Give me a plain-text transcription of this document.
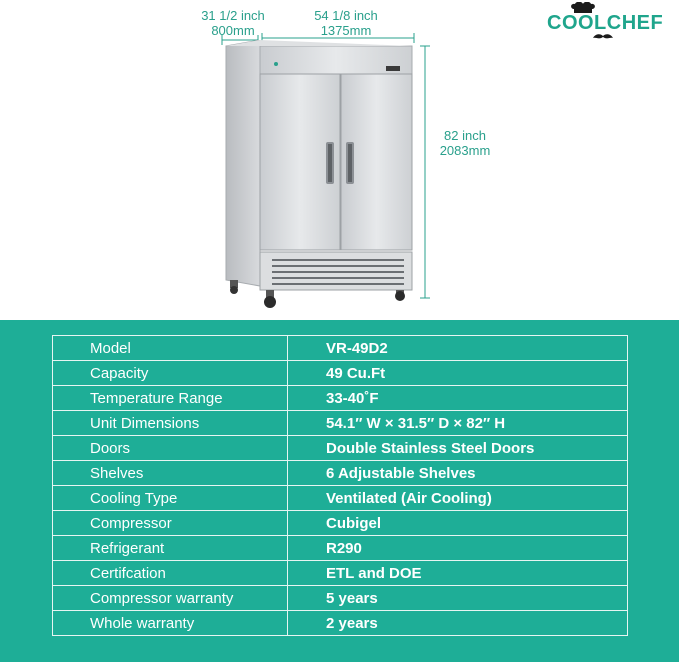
31 1/2 inch
800mm
54 1/8 inch
1375mm
82 inch
2083mm
COOLCHEF
Model	VR-49D2
Capacity	49 Cu.Ft
Temperature Range	33-40˚F
Unit Dimensions	54.1″ W × 31.5″ D × 82″ H
Doors	Double Stainless Steel Doors
Shelves	6 Adjustable Shelves
Cooling Type	Ventilated (Air Cooling)
Compressor	Cubigel
Refrigerant	R290
Certifcation	ETL and DOE
Compressor warranty	5 years
Whole warranty	2 years
